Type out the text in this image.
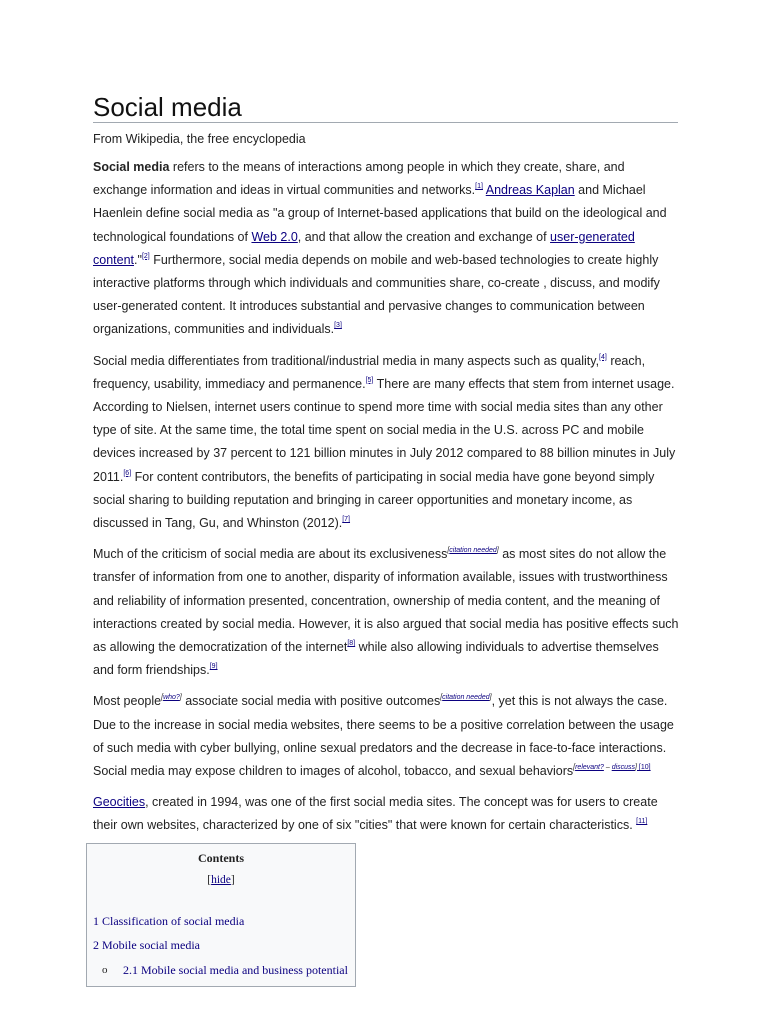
Social media
From Wikipedia, the free encyclopedia

Social media refers to the means of interactions among people in which they create, share, and exchange information and ideas in virtual communities and networks.[1] Andreas Kaplan and Michael Haenlein define social media as "a group of Internet-based applications that build on the ideological and technological foundations of Web 2.0, and that allow the creation and exchange of user-generated content."[2] Furthermore, social media depends on mobile and web-based technologies to create highly interactive platforms through which individuals and communities share, co-create , discuss, and modify user-generated content. It introduces substantial and pervasive changes to communication between organizations, communities and individuals.[3]

Social media differentiates from traditional/industrial media in many aspects such as quality,[4] reach, frequency, usability, immediacy and permanence.[5] There are many effects that stem from internet usage. According to Nielsen, internet users continue to spend more time with social media sites than any other type of site. At the same time, the total time spent on social media in the U.S. across PC and mobile devices increased by 37 percent to 121 billion minutes in July 2012 compared to 88 billion minutes in July 2011.[6] For content contributors, the benefits of participating in social media have gone beyond simply social sharing to building reputation and bringing in career opportunities and monetary income, as discussed in Tang, Gu, and Whinston (2012).[7]

Much of the criticism of social media are about its exclusiveness[citation needed] as most sites do not allow the transfer of information from one to another, disparity of information available, issues with trustworthiness and reliability of information presented, concentration, ownership of media content, and the meaning of interactions created by social media. However, it is also argued that social media has positive effects such as allowing the democratization of the internet[8] while also allowing individuals to advertise themselves and form friendships.[9]

Most people[who?] associate social media with positive outcomes[citation needed], yet this is not always the case. Due to the increase in social media websites, there seems to be a positive correlation between the usage of such media with cyber bullying, online sexual predators and the decrease in face-to-face interactions. Social media may expose children to images of alcohol, tobacco, and sexual behaviors[relevant? – discuss] [10]

Geocities, created in 1994, was one of the first social media sites. The concept was for users to create their own websites, characterized by one of six "cities" that were known for certain characteristics. [11]

Contents
[hide]
1 Classification of social media
2 Mobile social media
o 2.1 Mobile social media and business potential
